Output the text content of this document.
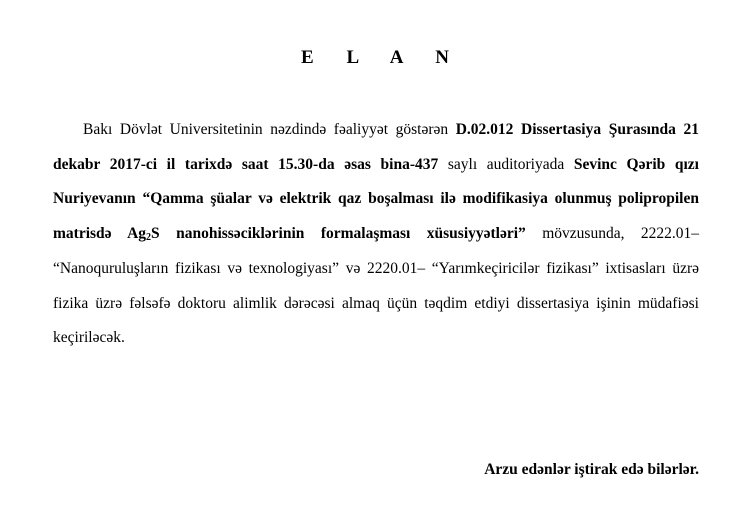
E L A N

Bakı Dövlət Universitetinin nəzdində fəaliyyət göstərən D.02.012 Dissertasiya Şurasında 21 dekabr 2017-ci il tarixdə saat 15.30-da əsas bina-437 saylı auditoriyada Sevinc Qərib qızı Nuriyevanın “Qamma şüalar və elektrik qaz boşalması ilə modifikasiya olunmuş polipropilen matrisdə $Ag_2S$ nanohissəciklərinin formalaşması xüsusiyyətləri” mövzusunda, 2222.01– “Nanoquruluşların fizikası və texnologiyası” və 2220.01– “Yarımkeçiricilər fizikası” ixtisasları üzrə fizika üzrə fəlsəfə doktoru alimlik dərəcəsi almaq üçün təqdim etdiyi dissertasiya işinin müdafiəsi keçiriləcək.

Arzu edənlər iştirak edə bilərlər.
